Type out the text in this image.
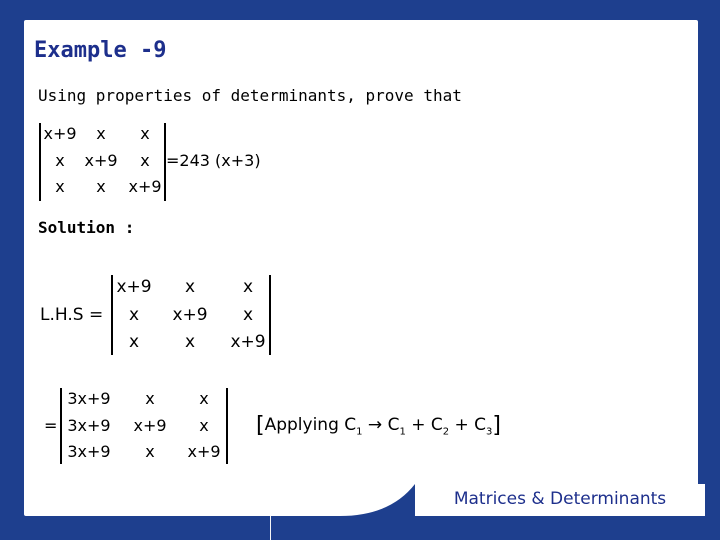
Example -9
Using properties of determinants, prove that
x+9	x	x
x	x+9	x
x	x	x+9
=243 (x+3)
Solution :
L.H.S =
x+9	x	x
x	x+9	x
x	x	x+9
=
3x+9	x	x
3x+9	x+9	x
3x+9	x	x+9
[Applying $C_1 \to C_1 + C_2 + C_3$]
Matrices & Determinants
